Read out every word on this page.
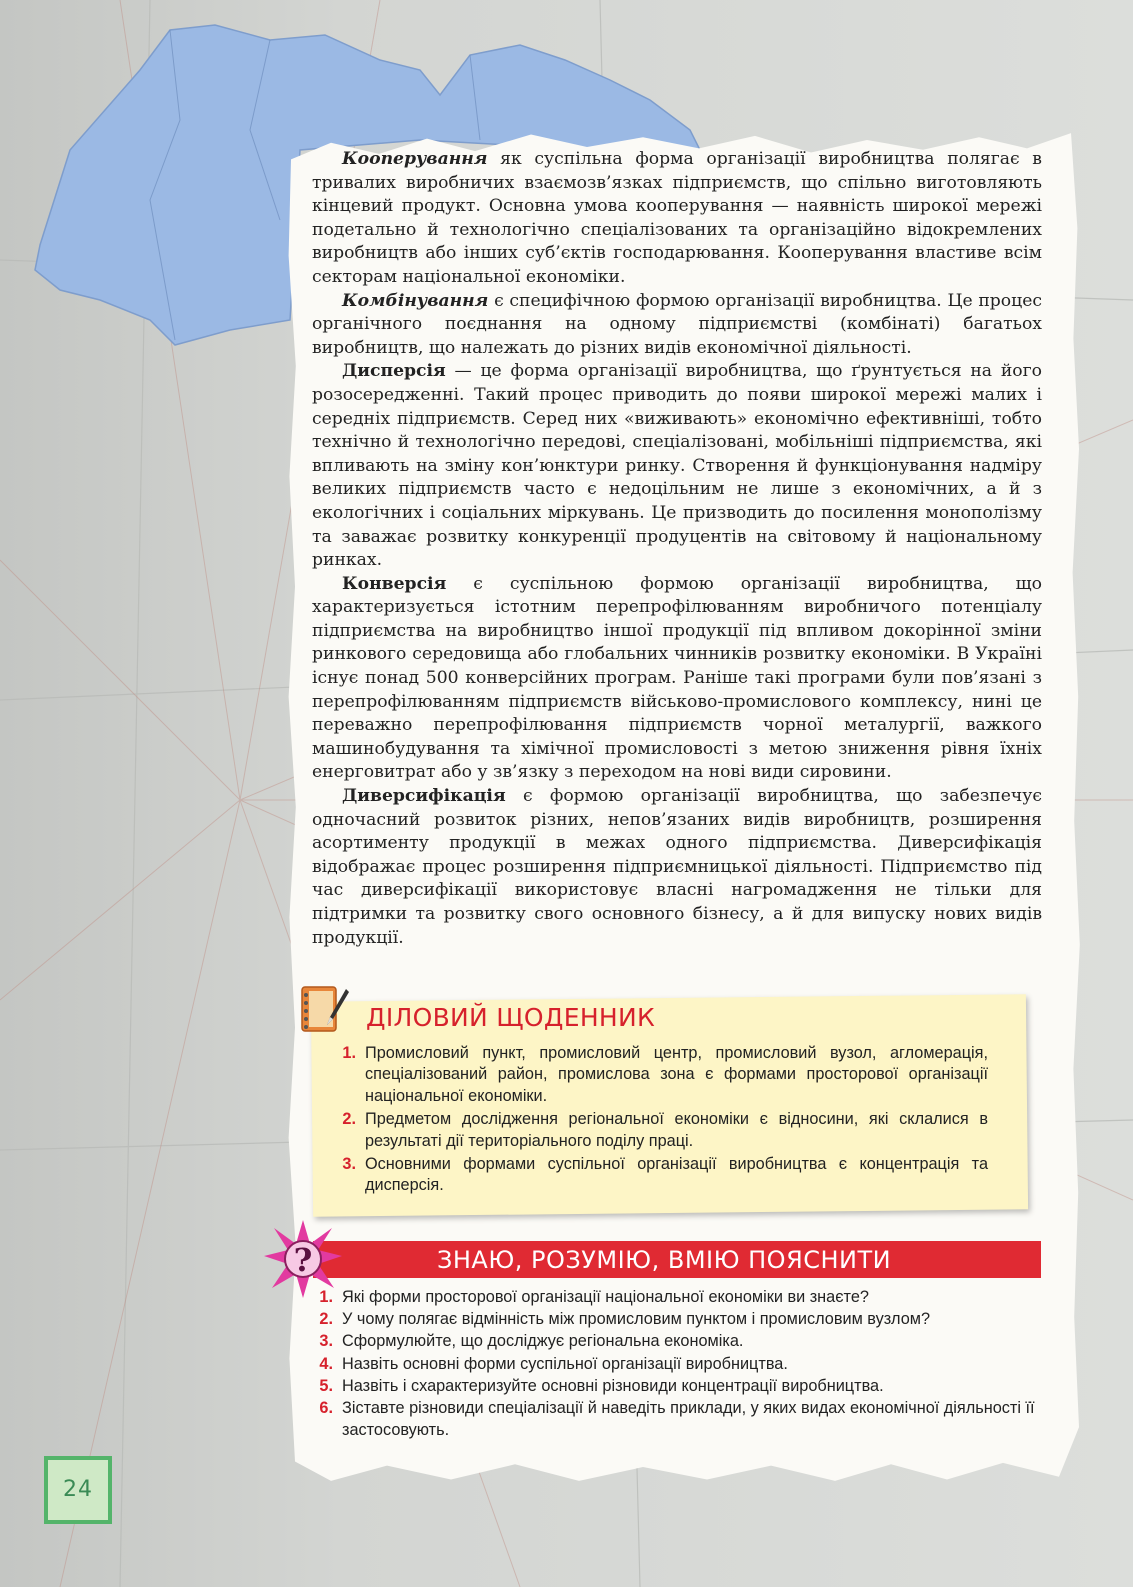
Кооперування як суспільна форма організації виробництва полягає в тривалих виробничих взаємозв’язках підприємств, що спільно виготовляють кінцевий продукт. Основна умова кооперування — наявність широкої мережі подетально й технологічно спеціалізованих та організаційно відокремлених виробництв або інших суб’єктів господарювання. Кооперування властиве всім секторам національної економіки.

Комбінування є специфічною формою організації виробництва. Це процес органічного поєднання на одному підприємстві (комбінаті) багатьох виробництв, що належать до різних видів економічної діяльності.

Дисперсія — це форма організації виробництва, що ґрунтується на його розосередженні. Такий процес приводить до появи широкої мережі малих і середніх підприємств. Серед них «виживають» економічно ефективніші, тобто технічно й технологічно передові, спеціалізовані, мобільніші підприємства, які впливають на зміну кон’юнктури ринку. Створення й функціонування надміру великих підприємств часто є недоцільним не лише з економічних, а й з екологічних і соціальних міркувань. Це призводить до посилення монополізму та заважає розвитку конкуренції продуцентів на світовому й національному ринках.

Конверсія є суспільною формою організації виробництва, що характеризується істотним перепрофілюванням виробничого потенціалу підприємства на виробництво іншої продукції під впливом докорінної зміни ринкового середовища або глобальних чинників розвитку економіки. В Україні існує понад 500 конверсійних програм. Раніше такі програми були пов’язані з перепрофілюванням підприємств військово-промислового комплексу, нині це переважно перепрофілювання підприємств чорної металургії, важкого машинобудування та хімічної промисловості з метою зниження рівня їхніх енерговитрат або у зв’язку з переходом на нові види сировини.

Диверсифікація є формою організації виробництва, що забезпечує одночасний розвиток різних, непов’язаних видів виробництв, розширення асортименту продукції в межах одного підприємства. Диверсифікація відображає процес розширення підприємницької діяльності. Підприємство під час диверсифікації використовує власні нагромадження не тільки для підтримки та розвитку свого основного бізнесу, а й для випуску нових видів продукції.

ДІЛОВИЙ ЩОДЕННИК
1. Промисловий пункт, промисловий центр, промисловий вузол, агломерація, спеціалізований район, промислова зона є формами просторової організації національної економіки.
2. Предметом дослідження регіональної економіки є відносини, які склалися в результаті дії територіального поділу праці.
3. Основними формами суспільної організації виробництва є концентрація та дисперсія.
?	ЗНАЮ, РОЗУМІЮ, ВМІЮ ПОЯСНИТИ
1. Які форми просторової організації національної економіки ви знаєте?
2. У чому полягає відмінність між промисловим пунктом і промисловим вузлом?
3. Сформулюйте, що досліджує регіональна економіка.
4. Назвіть основні форми суспільної організації виробництва.
5. Назвіть і схарактеризуйте основні різновиди концентрації виробництва.
6. Зіставте різновиди спеціалізації й наведіть приклади, у яких видах економічної діяльності її застосовують.
24
